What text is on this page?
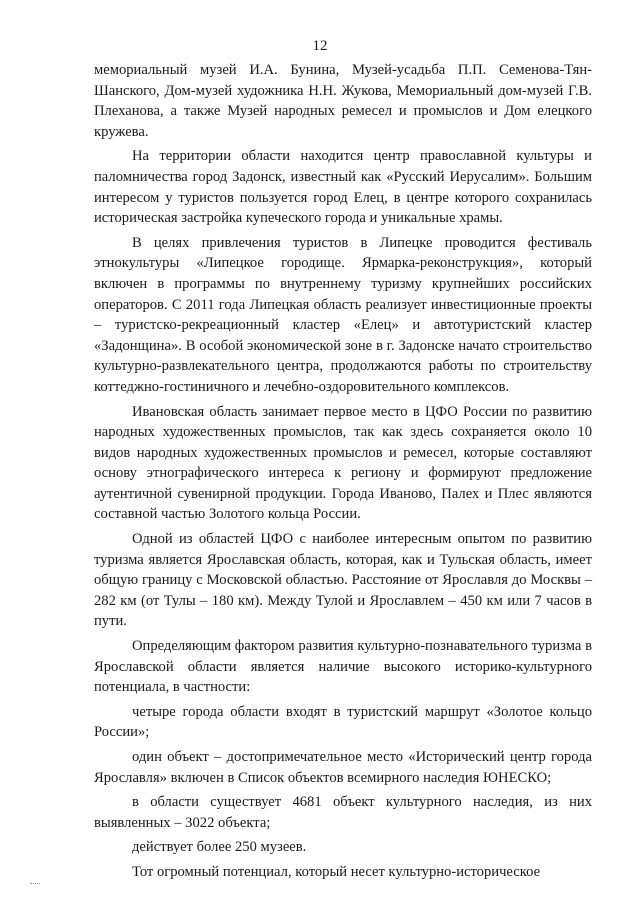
12

мемориальный музей И.А. Бунина, Музей-усадьба П.П. Семенова-Тян-Шанского, Дом-музей художника Н.Н. Жукова, Мемориальный дом-музей Г.В. Плеханова, а также Музей народных ремесел и промыслов и Дом елецкого кружева.

На территории области находится центр православной культуры и паломничества город Задонск, известный как «Русский Иерусалим». Большим интересом у туристов пользуется город Елец, в центре которого сохранилась историческая застройка купеческого города и уникальные храмы.

В целях привлечения туристов в Липецке проводится фестиваль этнокультуры «Липецкое городище. Ярмарка-реконструкция», который включен в программы по внутреннему туризму крупнейших российских операторов. С 2011 года Липецкая область реализует инвестиционные проекты – туристско-рекреационный кластер «Елец» и автотуристский кластер «Задонщина». В особой экономической зоне в г. Задонске начато строительство культурно-развлекательного центра, продолжаются работы по строительству коттеджно-гостиничного и лечебно-оздоровительного комплексов.

Ивановская область занимает первое место в ЦФО России по развитию народных художественных промыслов, так как здесь сохраняется около 10 видов народных художественных промыслов и ремесел, которые составляют основу этнографического интереса к региону и формируют предложение аутентичной сувенирной продукции. Города Иваново, Палех и Плес являются составной частью Золотого кольца России.

Одной из областей ЦФО с наиболее интересным опытом по развитию туризма является Ярославская область, которая, как и Тульская область, имеет общую границу с Московской областью. Расстояние от Ярославля до Москвы – 282 км (от Тулы – 180 км). Между Тулой и Ярославлем – 450 км или 7 часов в пути.

Определяющим фактором развития культурно-познавательного туризма в Ярославской области является наличие высокого историко-культурного потенциала, в частности:

четыре города области входят в туристский маршрут «Золотое кольцо России»;

один объект – достопримечательное место «Исторический центр города Ярославля» включен в Список объектов всемирного наследия ЮНЕСКО;

в области существует 4681 объект культурного наследия, из них выявленных – 3022 объекта;

действует более 250 музеев.

Тот огромный потенциал, который несет культурно-историческое
